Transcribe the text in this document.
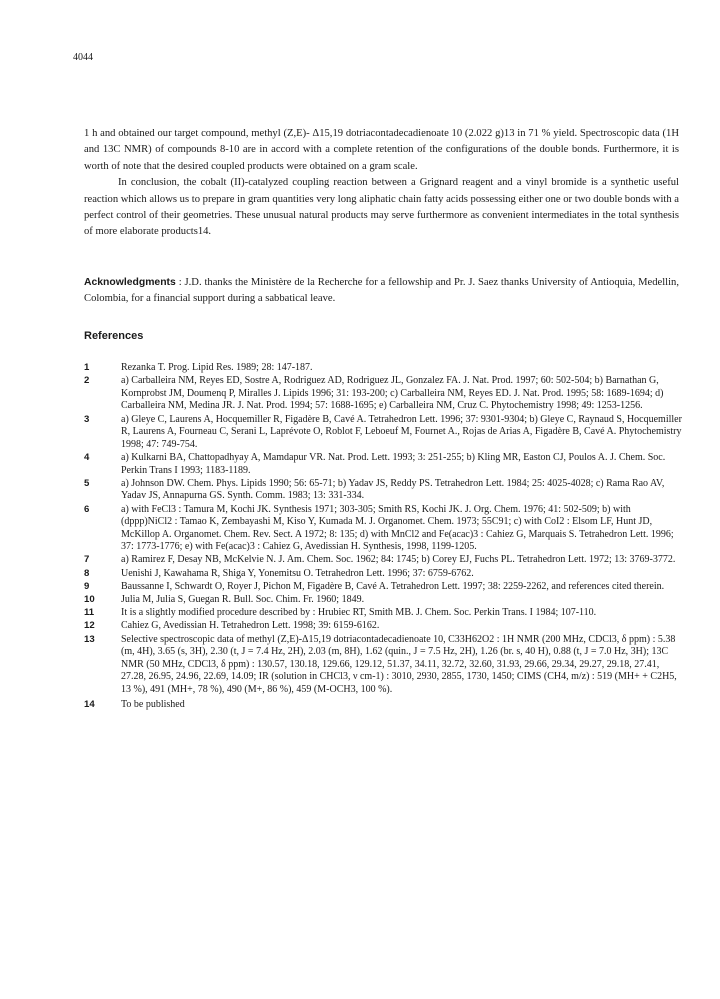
4044

1 h and obtained our target compound, methyl (Z,E)- Δ15,19 dotriacontadecadienoate 10 (2.022 g)13 in 71 % yield. Spectroscopic data (1H and 13C NMR) of compounds 8-10 are in accord with a complete retention of the configurations of the double bonds. Furthermore, it is worth of note that the desired coupled products were obtained on a gram scale.

In conclusion, the cobalt (II)-catalyzed coupling reaction between a Grignard reagent and a vinyl bromide is a synthetic useful reaction which allows us to prepare in gram quantities very long aliphatic chain fatty acids possessing either one or two double bonds with a perfect control of their geometries. These unusual natural products may serve furthermore as convenient intermediates in the total synthesis of more elaborate products14.

Acknowledgments : J.D. thanks the Ministère de la Recherche for a fellowship and Pr. J. Saez thanks University of Antioquia, Medellin, Colombia, for a financial support during a sabbatical leave.
References
1	Rezanka T. Prog. Lipid Res. 1989; 28: 147-187.
2	a) Carballeira NM, Reyes ED, Sostre A, Rodriguez AD, Rodriguez JL, Gonzalez FA. J. Nat. Prod. 1997; 60: 502-504; b) Barnathan G, Kornprobst JM, Doumenq P, Miralles J. Lipids 1996; 31: 193-200; c) Carballeira NM, Reyes ED. J. Nat. Prod. 1995; 58: 1689-1694; d) Carballeira NM, Medina JR. J. Nat. Prod. 1994; 57: 1688-1695; e) Carballeira NM, Cruz C. Phytochemistry 1998; 49: 1253-1256.
3	a) Gleye C, Laurens A, Hocquemiller R, Figadère B, Cavé A. Tetrahedron Lett. 1996; 37: 9301-9304; b) Gleye C, Raynaud S, Hocquemiller R, Laurens A, Fourneau C, Serani L, Laprévote O, Roblot F, Leboeuf M, Fournet A., Rojas de Arias A, Figadère B, Cavé A. Phytochemistry 1998; 47: 749-754.
4	a) Kulkarni BA, Chattopadhyay A, Mamdapur VR. Nat. Prod. Lett. 1993; 3: 251-255; b) Kling MR, Easton CJ, Poulos A. J. Chem. Soc. Perkin Trans I 1993; 1183-1189.
5	a) Johnson DW. Chem. Phys. Lipids 1990; 56: 65-71; b) Yadav JS, Reddy PS. Tetrahedron Lett. 1984; 25: 4025-4028; c) Rama Rao AV, Yadav JS, Annapurna GS. Synth. Comm. 1983; 13: 331-334.
6	a) with FeCl3 : Tamura M, Kochi JK. Synthesis 1971; 303-305; Smith RS, Kochi JK. J. Org. Chem. 1976; 41: 502-509; b) with (dppp)NiCl2 : Tamao K, Zembayashi M, Kiso Y, Kumada M. J. Organomet. Chem. 1973; 55C91; c) with CoI2 : Elsom LF, Hunt JD, McKillop A. Organomet. Chem. Rev. Sect. A 1972; 8: 135; d) with MnCl2 and Fe(acac)3 : Cahiez G, Marquais S. Tetrahedron Lett. 1996; 37: 1773-1776; e) with Fe(acac)3 : Cahiez G, Avedissian H. Synthesis, 1998, 1199-1205.
7	a) Ramirez F, Desay NB, McKelvie N. J. Am. Chem. Soc. 1962; 84: 1745; b) Corey EJ, Fuchs PL. Tetrahedron Lett. 1972; 13: 3769-3772.
8	Uenishi J, Kawahama R, Shiga Y, Yonemitsu O. Tetrahedron Lett. 1996; 37: 6759-6762.
9	Baussanne I, Schwardt O, Royer J, Pichon M, Figadère B, Cavé A. Tetrahedron Lett. 1997; 38: 2259-2262, and references cited therein.
10	Julia M, Julia S, Guegan R. Bull. Soc. Chim. Fr. 1960; 1849.
11	It is a slightly modified procedure described by : Hrubiec RT, Smith MB. J. Chem. Soc. Perkin Trans. I 1984; 107-110.
12	Cahiez G, Avedissian H. Tetrahedron Lett. 1998; 39: 6159-6162.
13	Selective spectroscopic data of methyl (Z,E)-Δ15,19 dotriacontadecadienoate 10, C33H62O2 : 1H NMR (200 MHz, CDCl3, δ ppm) : 5.38 (m, 4H), 3.65 (s, 3H), 2.30 (t, J = 7.4 Hz, 2H), 2.03 (m, 8H), 1.62 (quin., J = 7.5 Hz, 2H), 1.26 (br. s, 40 H), 0.88 (t, J = 7.0 Hz, 3H); 13C NMR (50 MHz, CDCl3, δ ppm) : 130.57, 130.18, 129.66, 129.12, 51.37, 34.11, 32.72, 32.60, 31.93, 29.66, 29.34, 29.27, 29.18, 27.41, 27.28, 26.95, 24.96, 22.69, 14.09; IR (solution in CHCl3, ν cm-1) : 3010, 2930, 2855, 1730, 1450; CIMS (CH4, m/z) : 519 (MH+ + C2H5, 13 %), 491 (MH+, 78 %), 490 (M+, 86 %), 459 (M-OCH3, 100 %).
14	To be published
